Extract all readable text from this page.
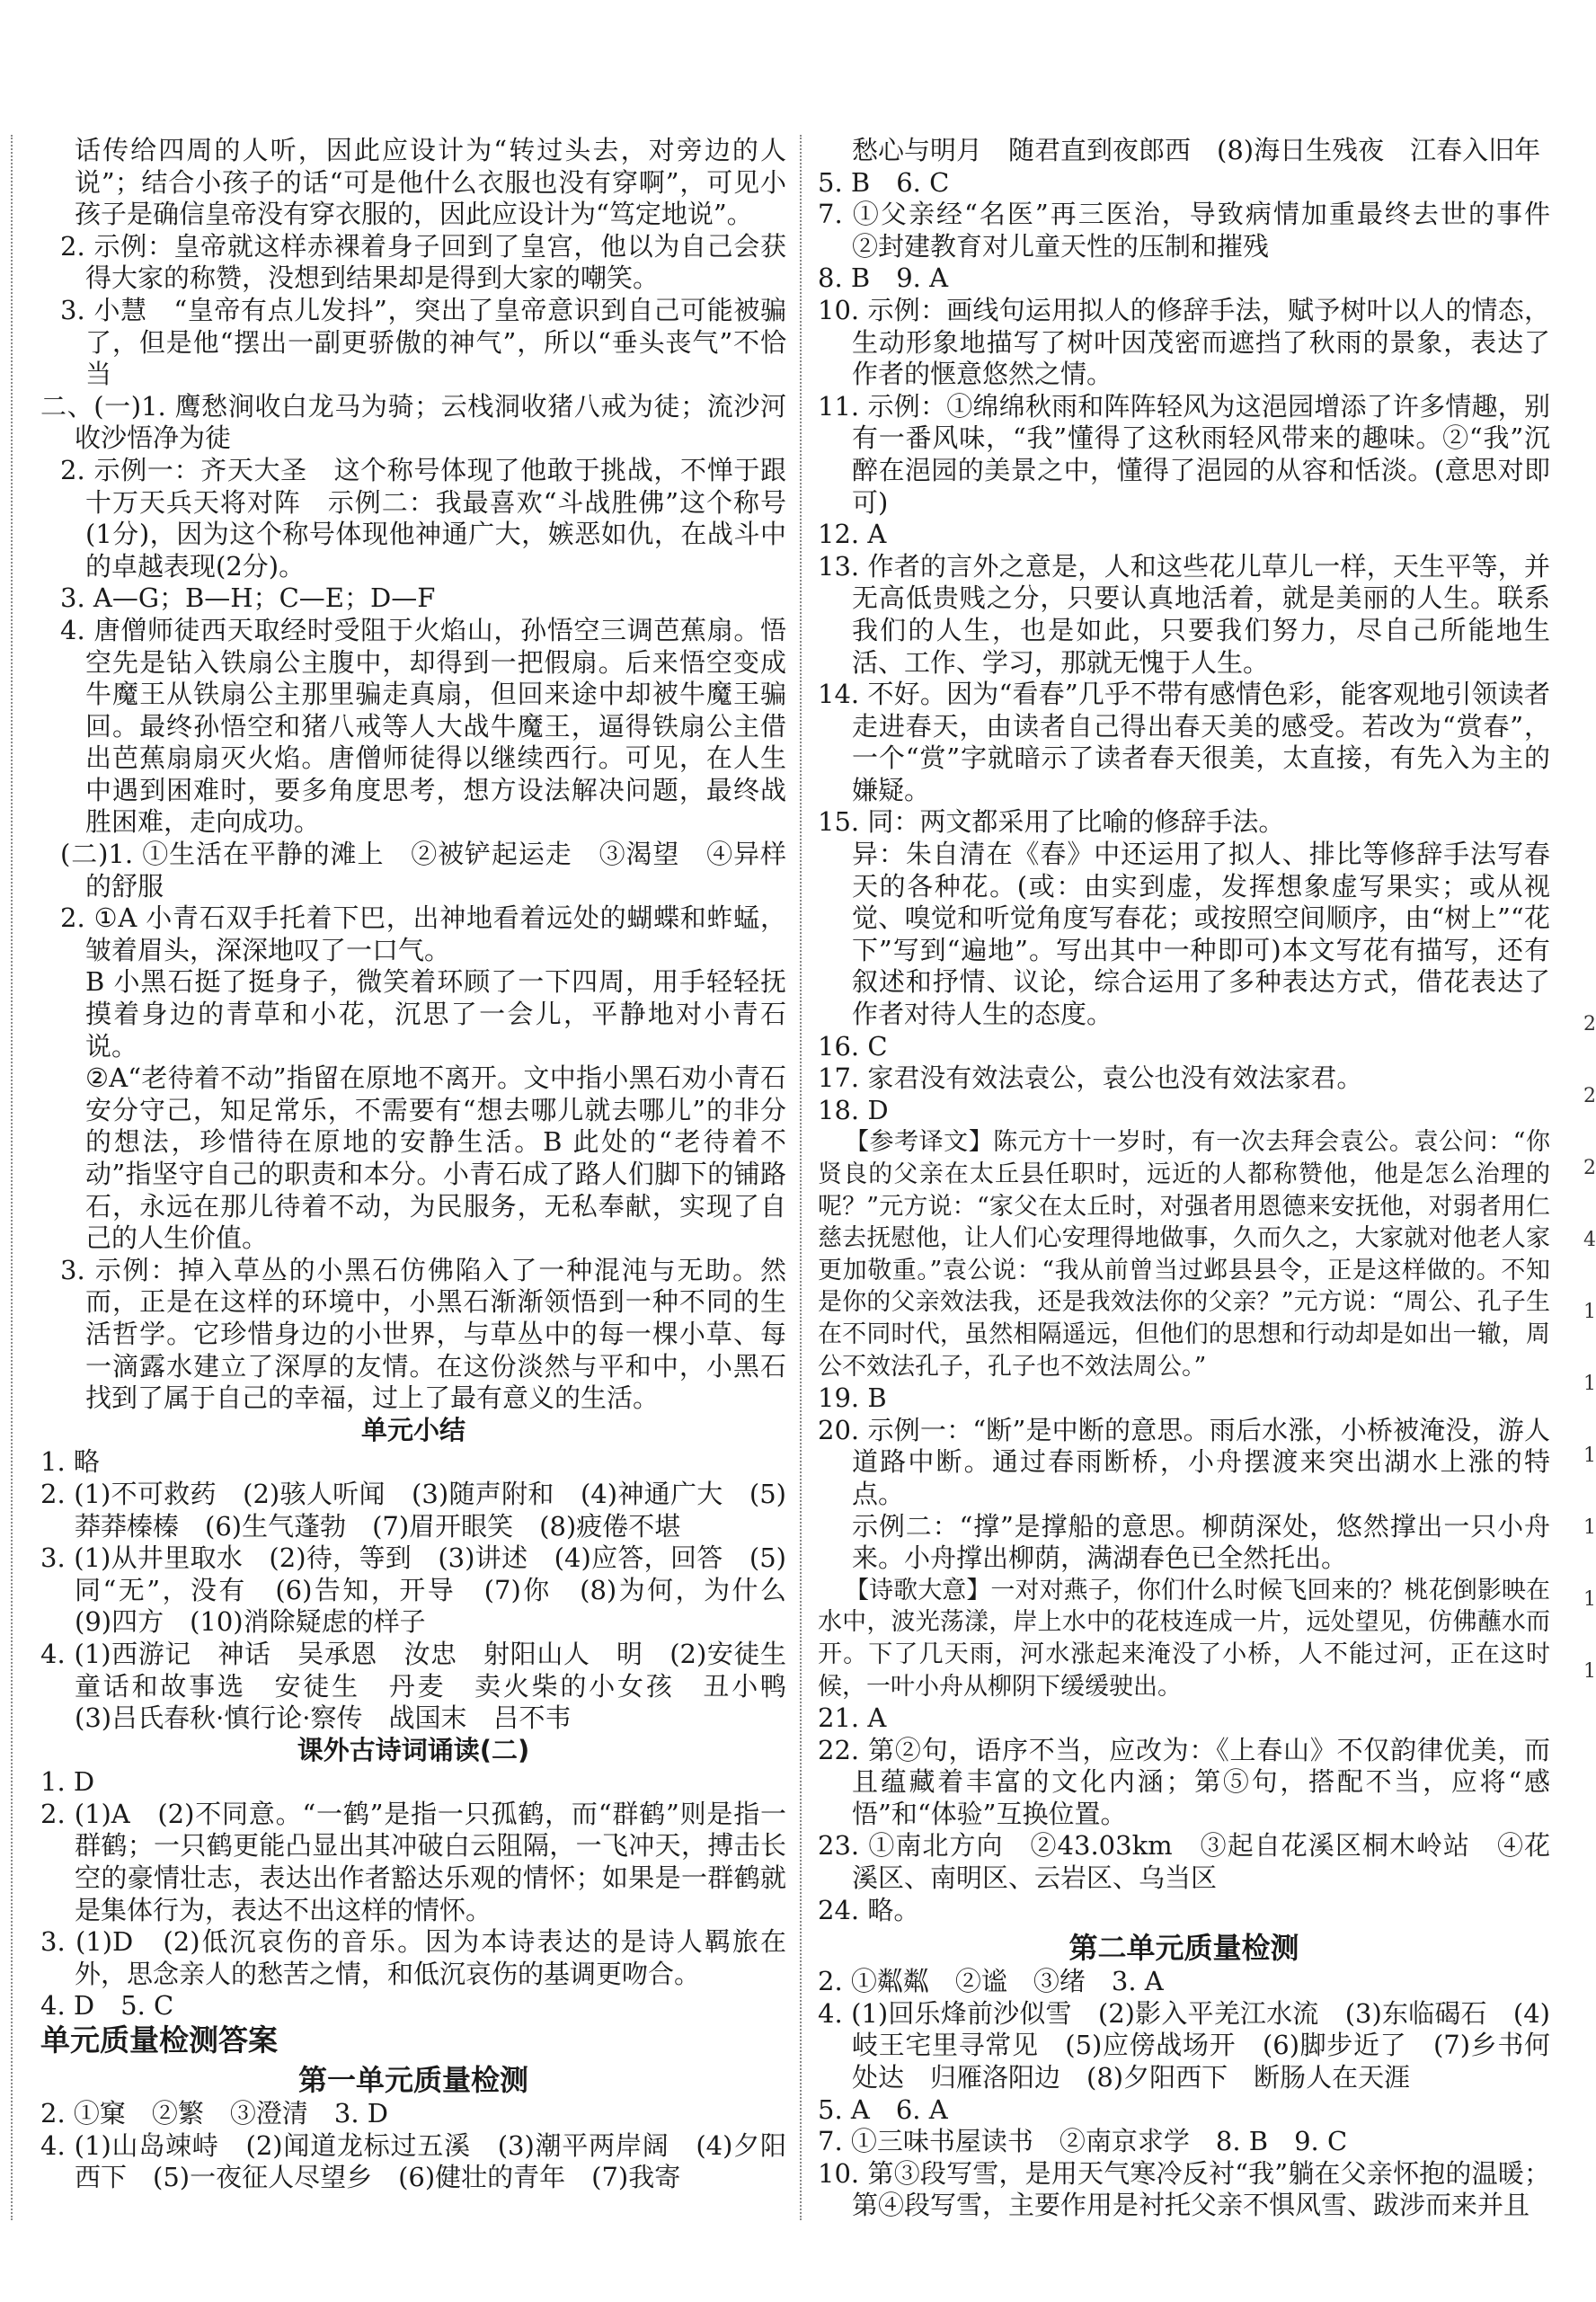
话传给四周的人听，因此应设计为“转过头去，对旁边的人说”；结合小孩子的话“可是他什么衣服也没有穿啊”，可见小孩子是确信皇帝没有穿衣服的，因此应设计为“笃定地说”。

2. 示例：皇帝就这样赤裸着身子回到了皇宫，他以为自己会获得大家的称赞，没想到结果却是得到大家的嘲笑。

3. 小慧　“皇帝有点儿发抖”，突出了皇帝意识到自己可能被骗了，但是他“摆出一副更骄傲的神气”，所以“垂头丧气”不恰当

二、(一)1. 鹰愁涧收白龙马为骑；云栈洞收猪八戒为徒；流沙河收沙悟净为徒

2. 示例一：齐天大圣　这个称号体现了他敢于挑战，不惮于跟十万天兵天将对阵　示例二：我最喜欢“斗战胜佛”这个称号(1分)，因为这个称号体现他神通广大，嫉恶如仇，在战斗中的卓越表现(2分)。

3. A—G；B—H；C—E；D—F

4. 唐僧师徒西天取经时受阻于火焰山，孙悟空三调芭蕉扇。悟空先是钻入铁扇公主腹中，却得到一把假扇。后来悟空变成牛魔王从铁扇公主那里骗走真扇，但回来途中却被牛魔王骗回。最终孙悟空和猪八戒等人大战牛魔王，逼得铁扇公主借出芭蕉扇扇灭火焰。唐僧师徒得以继续西行。可见，在人生中遇到困难时，要多角度思考，想方设法解决问题，最终战胜困难，走向成功。

(二)1. ①生活在平静的滩上　②被铲起运走　③渴望　④异样的舒服

2. ①A 小青石双手托着下巴，出神地看着远处的蝴蝶和蚱蜢，皱着眉头，深深地叹了一口气。

B 小黑石挺了挺身子，微笑着环顾了一下四周，用手轻轻抚摸着身边的青草和小花，沉思了一会儿，平静地对小青石说。

②A“老待着不动”指留在原地不离开。文中指小黑石劝小青石安分守己，知足常乐，不需要有“想去哪儿就去哪儿”的非分的想法，珍惜待在原地的安静生活。B 此处的“老待着不动”指坚守自己的职责和本分。小青石成了路人们脚下的铺路石，永远在那儿待着不动，为民服务，无私奉献，实现了自己的人生价值。

3. 示例：掉入草丛的小黑石仿佛陷入了一种混沌与无助。然而，正是在这样的环境中，小黑石渐渐领悟到一种不同的生活哲学。它珍惜身边的小世界，与草丛中的每一棵小草、每一滴露水建立了深厚的友情。在这份淡然与平和中，小黑石找到了属于自己的幸福，过上了最有意义的生活。

单元小结

1. 略

2. (1)不可救药　(2)骇人听闻　(3)随声附和　(4)神通广大　(5)莽莽榛榛　(6)生气蓬勃　(7)眉开眼笑　(8)疲倦不堪

3. (1)从井里取水　(2)待，等到　(3)讲述　(4)应答，回答　(5)同“无”，没有　(6)告知，开导　(7)你　(8)为何，为什么　(9)四方　(10)消除疑虑的样子

4. (1)西游记　神话　吴承恩　汝忠　射阳山人　明　(2)安徒生童话和故事选　安徒生　丹麦　卖火柴的小女孩　丑小鸭　(3)吕氏春秋·慎行论·察传　战国末　吕不韦

课外古诗词诵读(二)

1. D

2. (1)A　(2)不同意。“一鹤”是指一只孤鹤，而“群鹤”则是指一群鹤；一只鹤更能凸显出其冲破白云阻隔，一飞冲天，搏击长空的豪情壮志，表达出作者豁达乐观的情怀；如果是一群鹤就是集体行为，表达不出这样的情怀。

3. (1)D　(2)低沉哀伤的音乐。因为本诗表达的是诗人羁旅在外，思念亲人的愁苦之情，和低沉哀伤的基调更吻合。

4. D　5. C

单元质量检测答案

第一单元质量检测

2. ①窠　②繁　③澄清　3. D

4. (1)山岛竦峙　(2)闻道龙标过五溪　(3)潮平两岸阔　(4)夕阳西下　(5)一夜征人尽望乡　(6)健壮的青年　(7)我寄

愁心与明月　随君直到夜郎西　(8)海日生残夜　江春入旧年

5. B　6. C

7. ①父亲经“名医”再三医治，导致病情加重最终去世的事件　②封建教育对儿童天性的压制和摧残

8. B　9. A

10. 示例：画线句运用拟人的修辞手法，赋予树叶以人的情态，生动形象地描写了树叶因茂密而遮挡了秋雨的景象，表达了作者的惬意悠然之情。

11. 示例：①绵绵秋雨和阵阵轻风为这浥园增添了许多情趣，别有一番风味，“我”懂得了这秋雨轻风带来的趣味。②“我”沉醉在浥园的美景之中，懂得了浥园的从容和恬淡。(意思对即可)

12. A

13. 作者的言外之意是，人和这些花儿草儿一样，天生平等，并无高低贵贱之分，只要认真地活着，就是美丽的人生。联系我们的人生，也是如此，只要我们努力，尽自己所能地生活、工作、学习，那就无愧于人生。

14. 不好。因为“看春”几乎不带有感情色彩，能客观地引领读者走进春天，由读者自己得出春天美的感受。若改为“赏春”，一个“赏”字就暗示了读者春天很美，太直接，有先入为主的嫌疑。

15. 同：两文都采用了比喻的修辞手法。

异：朱自清在《春》中还运用了拟人、排比等修辞手法写春天的各种花。(或：由实到虚，发挥想象虚写果实；或从视觉、嗅觉和听觉角度写春花；或按照空间顺序，由“树上”“花下”写到“遍地”。写出其中一种即可)本文写花有描写，还有叙述和抒情、议论，综合运用了多种表达方式，借花表达了作者对待人生的态度。

16. C

17. 家君没有效法袁公，袁公也没有效法家君。

18. D

【参考译文】陈元方十一岁时，有一次去拜会袁公。袁公问：“你贤良的父亲在太丘县任职时，远近的人都称赞他，他是怎么治理的呢？”元方说：“家父在太丘时，对强者用恩德来安抚他，对弱者用仁慈去抚慰他，让人们心安理得地做事，久而久之，大家就对他老人家更加敬重。”袁公说：“我从前曾当过邺县县令，正是这样做的。不知是你的父亲效法我，还是我效法你的父亲？”元方说：“周公、孔子生在不同时代，虽然相隔遥远，但他们的思想和行动却是如出一辙，周公不效法孔子，孔子也不效法周公。”

19. B

20. 示例一：“断”是中断的意思。雨后水涨，小桥被淹没，游人道路中断。通过春雨断桥，小舟摆渡来突出湖水上涨的特点。

示例二：“撑”是撑船的意思。柳荫深处，悠然撑出一只小舟来。小舟撑出柳荫，满湖春色已全然托出。

【诗歌大意】一对对燕子，你们什么时候飞回来的？桃花倒影映在水中，波光荡漾，岸上水中的花枝连成一片，远处望见，仿佛蘸水而开。下了几天雨，河水涨起来淹没了小桥，人不能过河，正在这时候，一叶小舟从柳阴下缓缓驶出。

21. A

22. 第②句，语序不当，应改为：《上春山》不仅韵律优美，而且蕴藏着丰富的文化内涵；第⑤句，搭配不当，应将“感悟”和“体验”互换位置。

23. ①南北方向　②43.03km　③起自花溪区桐木岭站　④花溪区、南明区、云岩区、乌当区

24. 略。

第二单元质量检测

2. ①粼粼　②谧　③绪　3. A

4. (1)回乐烽前沙似雪　(2)影入平羌江水流　(3)东临碣石　(4)岐王宅里寻常见　(5)应傍战场开　(6)脚步近了　(7)乡书何处达　归雁洛阳边　(8)夕阳西下　断肠人在天涯

5. A　6. A

7. ①三味书屋读书　②南京求学　8. B　9. C

10. 第③段写雪，是用天气寒冷反衬“我”躺在父亲怀抱的温暖；第④段写雪，主要作用是衬托父亲不惧风雪、跋涉而来并且

2
2
2
4
1
1
1
1
1
1
